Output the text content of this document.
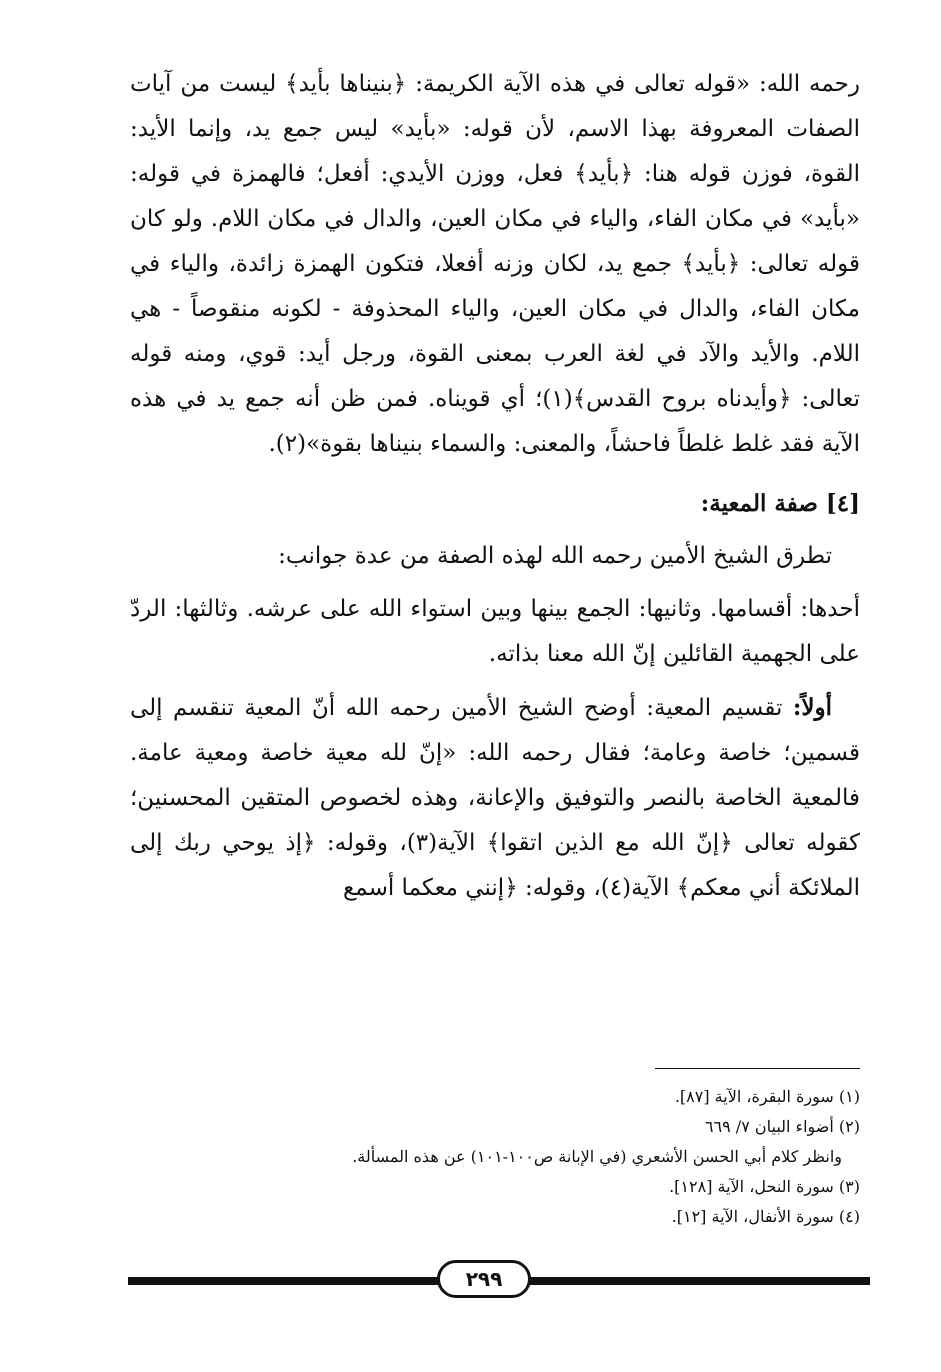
رحمه الله: «قوله تعالى في هذه الآية الكريمة: ﴿بنيناها بأيد﴾ ليست من آيات الصفات المعروفة بهذا الاسم، لأن قوله: «بأيد» ليس جمع يد، وإنما الأيد: القوة، فوزن قوله هنا: ﴿بأيد﴾ فعل، ووزن الأيدي: أفعل؛ فالهمزة في قوله: «بأيد» في مكان الفاء، والياء في مكان العين، والدال في مكان اللام. ولو كان قوله تعالى: ﴿بأيد﴾ جمع يد، لكان وزنه أفعلا، فتكون الهمزة زائدة، والياء في مكان الفاء، والدال في مكان العين، والياء المحذوفة - لكونه منقوصاً - هي اللام. والأيد والآد في لغة العرب بمعنى القوة، ورجل أيد: قوي، ومنه قوله تعالى: ﴿وأيدناه بروح القدس﴾(١)؛ أي قويناه. فمن ظن أنه جمع يد في هذه الآية فقد غلط غلطاً فاحشاً، والمعنى: والسماء بنيناها بقوة»(٢).

[٤] صفة المعية:

تطرق الشيخ الأمين رحمه الله لهذه الصفة من عدة جوانب:

أحدها: أقسامها. وثانيها: الجمع بينها وبين استواء الله على عرشه. وثالثها: الردّ على الجهمية القائلين إنّ الله معنا بذاته.

أولاً: تقسيم المعية: أوضح الشيخ الأمين رحمه الله أنّ المعية تنقسم إلى قسمين؛ خاصة وعامة؛ فقال رحمه الله: «إنّ لله معية خاصة ومعية عامة. فالمعية الخاصة بالنصر والتوفيق والإعانة، وهذه لخصوص المتقين المحسنين؛ كقوله تعالى ﴿إنّ الله مع الذين اتقوا﴾ الآية(٣)، وقوله: ﴿إذ يوحي ربك إلى الملائكة أني معكم﴾ الآية(٤)، وقوله: ﴿إنني معكما أسمع

(١) سورة البقرة، الآية [٨٧].
(٢) أضواء البيان ٧/ ٦٦٩
وانظر كلام أبي الحسن الأشعري (في الإبانة ص١٠٠-١٠١) عن هذه المسألة.
(٣) سورة النحل، الآية [١٢٨].
(٤) سورة الأنفال، الآية [١٢].
٢٩٩
